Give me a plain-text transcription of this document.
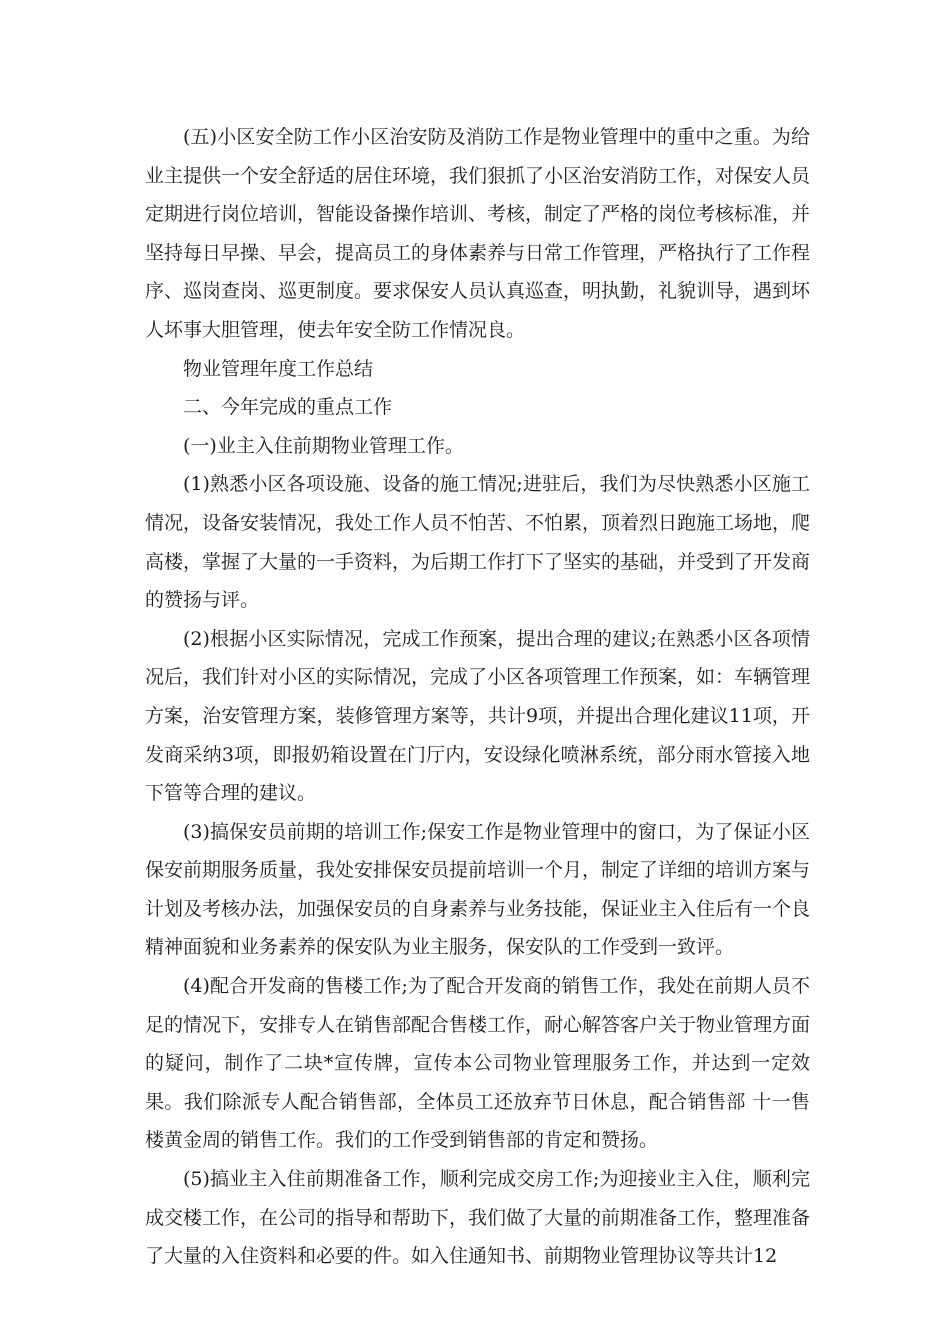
(五)小区安全防工作小区治安防及消防工作是物业管理中的重中之重。为给业主提供一个安全舒适的居住环境，我们狠抓了小区治安消防工作，对保安人员定期进行岗位培训，智能设备操作培训、考核，制定了严格的岗位考核标准，并坚持每日早操、早会，提高员工的身体素养与日常工作管理，严格执行了工作程序、巡岗查岗、巡更制度。要求保安人员认真巡查，明执勤，礼貌训导，遇到坏人坏事大胆管理，使去年安全防工作情况良。

物业管理年度工作总结

二、今年完成的重点工作

(一)业主入住前期物业管理工作。

(1)熟悉小区各项设施、设备的施工情况;进驻后，我们为尽快熟悉小区施工情况，设备安装情况，我处工作人员不怕苦、不怕累，顶着烈日跑施工场地，爬高楼，掌握了大量的一手资料，为后期工作打下了坚实的基础，并受到了开发商的赞扬与评。

(2)根据小区实际情况，完成工作预案，提出合理的建议;在熟悉小区各项情况后，我们针对小区的实际情况，完成了小区各项管理工作预案，如：车辆管理方案，治安管理方案，装修管理方案等，共计9项，并提出合理化建议11项，开发商采纳3项，即报奶箱设置在门厅内，安设绿化喷淋系统，部分雨水管接入地下管等合理的建议。

(3)搞保安员前期的培训工作;保安工作是物业管理中的窗口，为了保证小区保安前期服务质量，我处安排保安员提前培训一个月，制定了详细的培训方案与计划及考核办法，加强保安员的自身素养与业务技能，保证业主入住后有一个良精神面貌和业务素养的保安队为业主服务，保安队的工作受到一致评。

(4)配合开发商的售楼工作;为了配合开发商的销售工作，我处在前期人员不足的情况下，安排专人在销售部配合售楼工作，耐心解答客户关于物业管理方面的疑问，制作了二块*宣传牌，宣传本公司物业管理服务工作，并达到一定效果。我们除派专人配合销售部，全体员工还放弃节日休息，配合销售部 十一售楼黄金周的销售工作。我们的工作受到销售部的肯定和赞扬。

(5)搞业主入住前期准备工作，顺利完成交房工作;为迎接业主入住，顺利完成交楼工作，在公司的指导和帮助下，我们做了大量的前期准备工作，整理准备了大量的入住资料和必要的件。如入住通知书、前期物业管理协议等共计12
